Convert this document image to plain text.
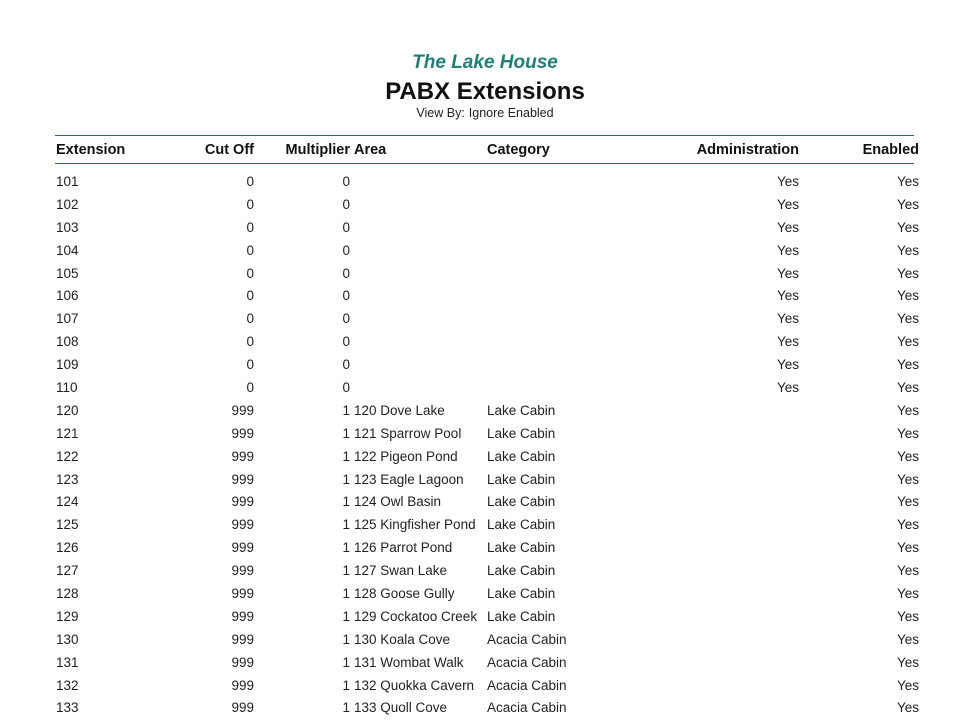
The Lake House
PABX Extensions
View By: Ignore Enabled
Extension	Cut Off	Multiplier	Area	Category	Administration	Enabled

101	0	0			Yes	Yes
102	0	0			Yes	Yes
103	0	0			Yes	Yes
104	0	0			Yes	Yes
105	0	0			Yes	Yes
106	0	0			Yes	Yes
107	0	0			Yes	Yes
108	0	0			Yes	Yes
109	0	0			Yes	Yes
110	0	0			Yes	Yes
120	999	1	120 Dove Lake	Lake Cabin		Yes
121	999	1	121 Sparrow Pool	Lake Cabin		Yes
122	999	1	122 Pigeon Pond	Lake Cabin		Yes
123	999	1	123 Eagle Lagoon	Lake Cabin		Yes
124	999	1	124 Owl Basin	Lake Cabin		Yes
125	999	1	125 Kingfisher Pond	Lake Cabin		Yes
126	999	1	126 Parrot Pond	Lake Cabin		Yes
127	999	1	127 Swan Lake	Lake Cabin		Yes
128	999	1	128 Goose Gully	Lake Cabin		Yes
129	999	1	129 Cockatoo Creek	Lake Cabin		Yes
130	999	1	130 Koala Cove	Acacia Cabin		Yes
131	999	1	131 Wombat Walk	Acacia Cabin		Yes
132	999	1	132 Quokka Cavern	Acacia Cabin		Yes
133	999	1	133 Quoll Cove	Acacia Cabin		Yes
